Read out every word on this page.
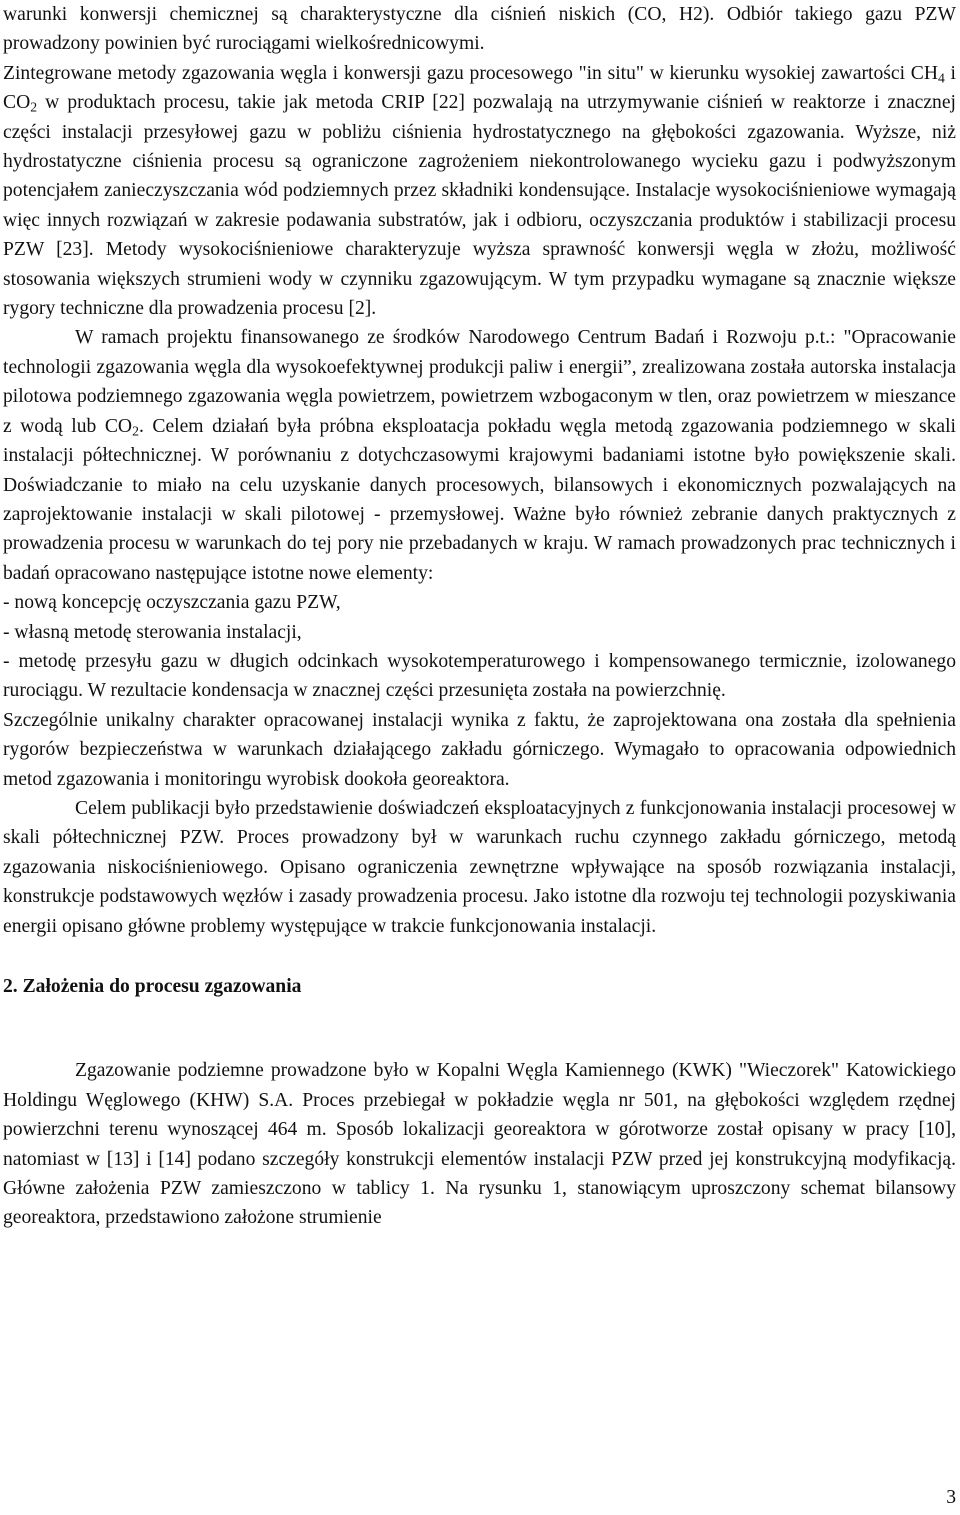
warunki konwersji chemicznej są charakterystyczne dla ciśnień niskich (CO, H2). Odbiór takiego gazu PZW prowadzony powinien być rurociągami wielkośrednicowymi.

Zintegrowane metody zgazowania węgla i konwersji gazu procesowego "in situ" w kierunku wysokiej zawartości $CH_4$ i $CO_2$ w produktach procesu, takie jak metoda CRIP [22] pozwalają na utrzymywanie ciśnień w reaktorze i znacznej części instalacji przesyłowej gazu w pobliżu ciśnienia hydrostatycznego na głębokości zgazowania. Wyższe, niż hydrostatyczne ciśnienia procesu są ograniczone zagrożeniem niekontrolowanego wycieku gazu i podwyższonym potencjałem zanieczyszczania wód podziemnych przez składniki kondensujące. Instalacje wysokociśnieniowe wymagają więc innych rozwiązań w zakresie podawania substratów, jak i odbioru, oczyszczania produktów i stabilizacji procesu PZW [23]. Metody wysokociśnieniowe charakteryzuje wyższa sprawność konwersji węgla w złożu, możliwość stosowania większych strumieni wody w czynniku zgazowującym. W tym przypadku wymagane są znacznie większe rygory techniczne dla prowadzenia procesu [2].

W ramach projektu finansowanego ze środków Narodowego Centrum Badań i Rozwoju p.t.: "Opracowanie technologii zgazowania węgla dla wysokoefektywnej produkcji paliw i energii”, zrealizowana została autorska instalacja pilotowa podziemnego zgazowania węgla powietrzem, powietrzem wzbogaconym w tlen, oraz powietrzem w mieszance z wodą lub $CO_2$. Celem działań była próbna eksploatacja pokładu węgla metodą zgazowania podziemnego w skali instalacji półtechnicznej. W porównaniu z dotychczasowymi krajowymi badaniami istotne było powiększenie skali. Doświadczanie to miało na celu uzyskanie danych procesowych, bilansowych i ekonomicznych pozwalających na zaprojektowanie instalacji w skali pilotowej - przemysłowej. Ważne było również zebranie danych praktycznych z prowadzenia procesu w warunkach do tej pory nie przebadanych w kraju. W ramach prowadzonych prac technicznych i badań opracowano następujące istotne nowe elementy:

- nową koncepcję oczyszczania gazu PZW,

- własną metodę sterowania instalacji,

- metodę przesyłu gazu w długich odcinkach wysokotemperaturowego i kompensowanego termicznie, izolowanego rurociągu. W rezultacie kondensacja w znacznej części przesunięta została na powierzchnię.

Szczególnie unikalny charakter opracowanej instalacji wynika z faktu, że zaprojektowana ona została dla spełnienia rygorów bezpieczeństwa w warunkach działającego zakładu górniczego. Wymagało to opracowania odpowiednich metod zgazowania i monitoringu wyrobisk dookoła georeaktora.

Celem publikacji było przedstawienie doświadczeń eksploatacyjnych z funkcjonowania instalacji procesowej w skali półtechnicznej PZW. Proces prowadzony był w warunkach ruchu czynnego zakładu górniczego, metodą zgazowania niskociśnieniowego. Opisano ograniczenia zewnętrzne wpływające na sposób rozwiązania instalacji, konstrukcje podstawowych węzłów i zasady prowadzenia procesu. Jako istotne dla rozwoju tej technologii pozyskiwania energii opisano główne problemy występujące w trakcie funkcjonowania instalacji.

2. Założenia do procesu zgazowania

Zgazowanie podziemne prowadzone było w Kopalni Węgla Kamiennego (KWK) "Wieczorek" Katowickiego Holdingu Węglowego (KHW) S.A. Proces przebiegał w pokładzie węgla nr 501, na głębokości względem rzędnej powierzchni terenu wynoszącej 464 m. Sposób lokalizacji georeaktora w górotworze został opisany w pracy [10], natomiast w [13] i [14] podano szczegóły konstrukcji elementów instalacji PZW przed jej konstrukcyjną modyfikacją. Główne założenia PZW zamieszczono w tablicy 1. Na rysunku 1, stanowiącym uproszczony schemat bilansowy georeaktora, przedstawiono założone strumienie

3
